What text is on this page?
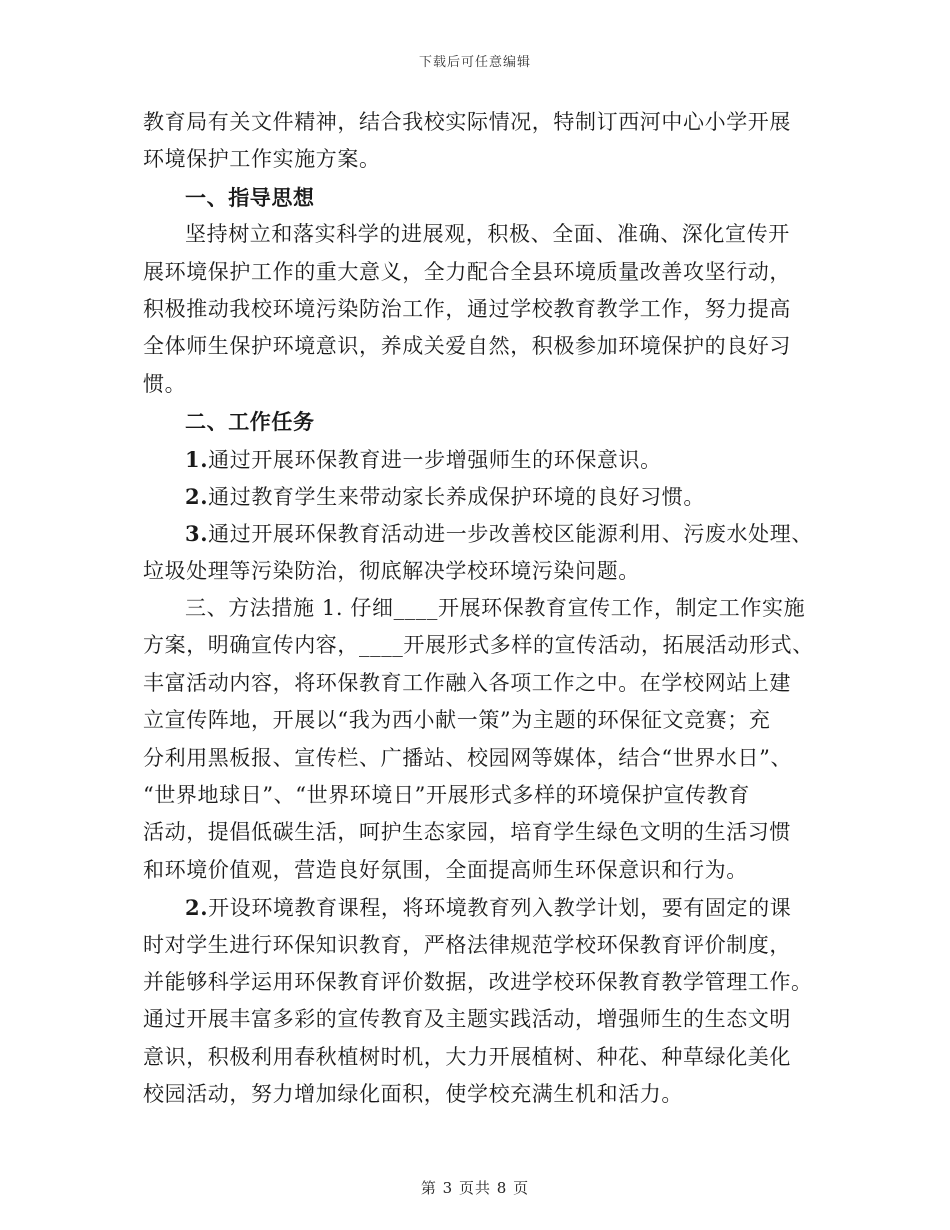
下载后可任意编辑
教育局有关文件精神，结合我校实际情况，特制订西河中心小学开展
环境保护工作实施方案。
一、指导思想
坚持树立和落实科学的进展观，积极、全面、准确、深化宣传开
展环境保护工作的重大意义，全力配合全县环境质量改善攻坚行动，
积极推动我校环境污染防治工作，通过学校教育教学工作，努力提高
全体师生保护环境意识，养成关爱自然，积极参加环境保护的良好习
惯。
二、工作任务
1.通过开展环保教育进一步增强师生的环保意识。
2.通过教育学生来带动家长养成保护环境的良好习惯。
3.通过开展环保教育活动进一步改善校区能源利用、污废水处理、
垃圾处理等污染防治，彻底解决学校环境污染问题。
三、方法措施 1. 仔细____开展环保教育宣传工作，制定工作实施
方案，明确宣传内容，____开展形式多样的宣传活动，拓展活动形式、
丰富活动内容，将环保教育工作融入各项工作之中。在学校网站上建
立宣传阵地，开展以“我为西小献一策”为主题的环保征文竞赛；充
分利用黑板报、宣传栏、广播站、校园网等媒体，结合“世界水日”、
“世界地球日”、“世界环境日”开展形式多样的环境保护宣传教育
活动，提倡低碳生活，呵护生态家园，培育学生绿色文明的生活习惯
和环境价值观，营造良好氛围，全面提高师生环保意识和行为。
2.开设环境教育课程，将环境教育列入教学计划，要有固定的课
时对学生进行环保知识教育，严格法律规范学校环保教育评价制度，
并能够科学运用环保教育评价数据，改进学校环保教育教学管理工作。
通过开展丰富多彩的宣传教育及主题实践活动，增强师生的生态文明
意识，积极利用春秋植树时机，大力开展植树、种花、种草绿化美化
校园活动，努力增加绿化面积，使学校充满生机和活力。
第 3 页共 8 页
